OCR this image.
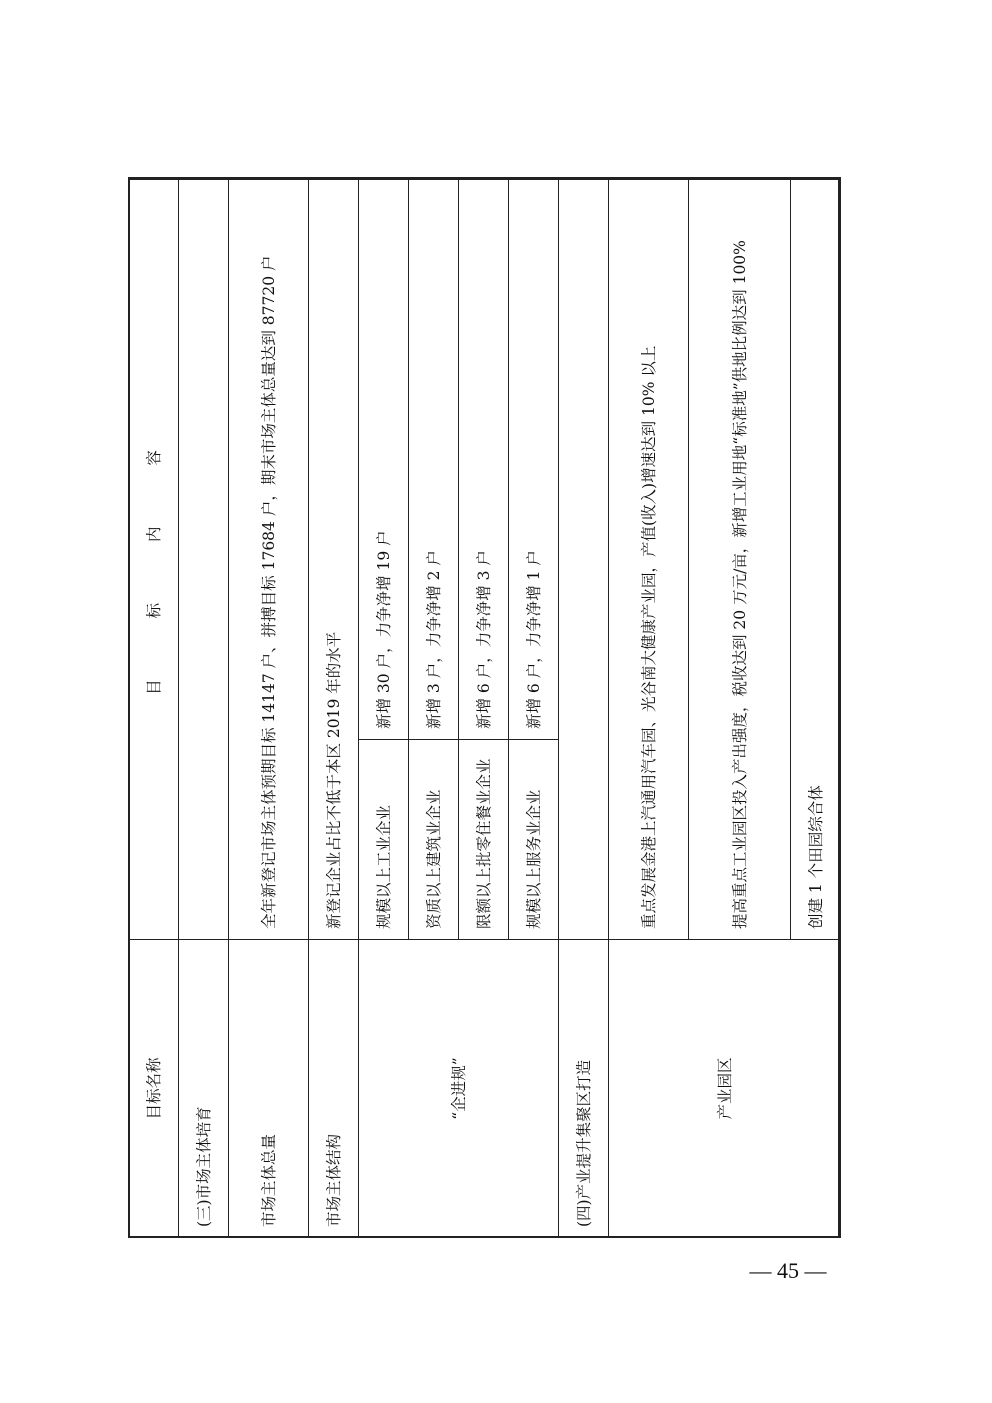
目标名称	目 标 内 容	
(三)市场主体培育		
市场主体总量	全年新登记市场主体预期目标 14147 户、拼搏目标 17684 户，期末市场主体总量达到 87720 户	
市场主体结构	新登记企业占比不低于本区 2019 年的水平	
“企进规”	规模以上工业企业	新增 30 户，力争净增 19 户
	资质以上建筑业企业	新增 3 户，力争净增 2 户
	限额以上批零住餐业企业	新增 6 户，力争净增 3 户
	规模以上服务业企业	新增 6 户，力争净增 1 户
(四)产业提升集聚区打造		
产业园区	重点发展金港上汽通用汽车园、光谷南大健康产业园，产值(收入)增速达到 10% 以上	
	提高重点工业园区投入产出强度，税收达到 20 万元/亩，新增工业用地“标准地”供地比例达到 100%	
	创建 1 个田园综合体	
— 45 —
